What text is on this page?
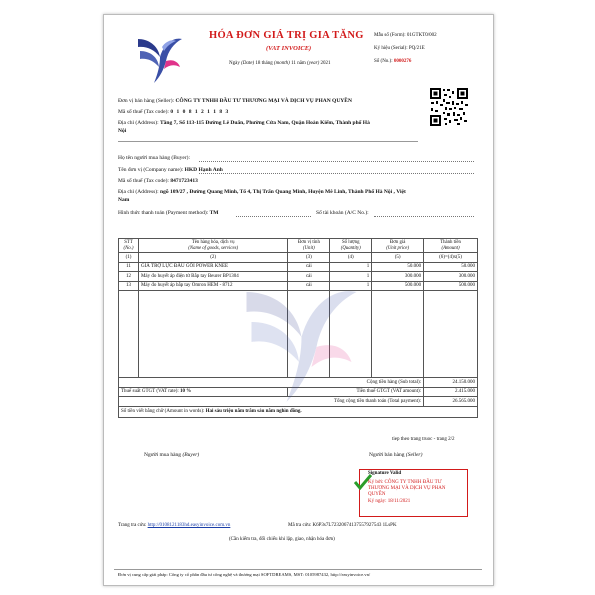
HÓA ĐƠN GIÁ TRỊ GIA TĂNG
(VAT INVOICE)
Ngày (Date) 18 tháng (month) 11 năm (year) 2021
Mẫu số (Form): 01GTKT0/002
Ký hiệu (Serial): PQ/21E
Số (No.): 0000276
Đơn vị bán hàng (Seller): CÔNG TY TNHH ĐẦU TƯ THƯƠNG MẠI VÀ DỊCH VỤ PHAN QUYỀN
Mã số thuế (Tax code): 0 1 0 8 1 2 1 1 8 3
Địa chỉ (Address): Tầng 7, Số 113-115 Đường Lê Duẩn, Phường Cửa Nam, Quận Hoàn Kiếm, Thành phố Hà
Nội
Họ tên người mua hàng (Buyer):
Tên đơn vị (Company name): HKD Hạnh Anh
Mã số thuế (Tax code): 8471723413
Địa chỉ (Address): ngõ 109/27 , Đường Quang Minh, Tổ 4, Thị Trấn Quang Minh, Huyện Mê Linh, Thành Phố Hà Nội , Việt
Nam
Hình thức thanh toán (Payment method): TM	Số tài khoản (A/C No.):
STT
(No.)	Tên hàng hóa, dịch vụ
(Name of goods, services)	Đơn vị tính
(Unit)	Số lượng
(Quantity)	Đơn giá
(Unit price)	Thành tiền
(Amount)
(1)	(2)	(3)	(4)	(5)	(6)=(4)x(5)
11	GIÁ TRỢ LỰC ĐẦU GỐI POWER KNEE	cái	1	50.000	50.000
12	Máy đo huyết áp điện tử Bắp tay Beurer BP1304	cái	1	300.000	300.000
13	Máy đo huyết áp bắp tay Omron HEM - 8712	cái	1	500.000	500.000

Cộng tiền hàng (Sub total):					24.150.000
Thuế suất GTGT (VAT rate): 10 %		Tiền thuế GTGT (VAT amount):			2.415.000
Tổng cộng tiền thanh toán (Total payment):					26.565.000
Số tiền viết bằng chữ (Amount in words): Hai sáu triệu năm trăm sáu năm nghìn đồng.					
tiep theo trang truoc - trang 2/2
Người mua hàng (Buyer)	Người bán hàng (Seller)
Signature Valid
Ký bởi: CÔNG TY TNHH ĐẦU TƯ THƯƠNG MẠI VÀ DỊCH VỤ PHAN QUYỀN
Ký ngày: 18/11/2021
Trang tra cứu: http://0108121183hd.easyinvoice.com.vn	Mã tra cứu: K6P3s7L72320674137557927543 1LsPK
(Cần kiểm tra, đối chiếu khi lập, giao, nhận hóa đơn)
Đơn vị cung cấp giải pháp: Công ty cổ phần đầu tư công nghệ và thương mại SOFTDREAMS, MST: 0105987432, http://easyinvoice.vn/
